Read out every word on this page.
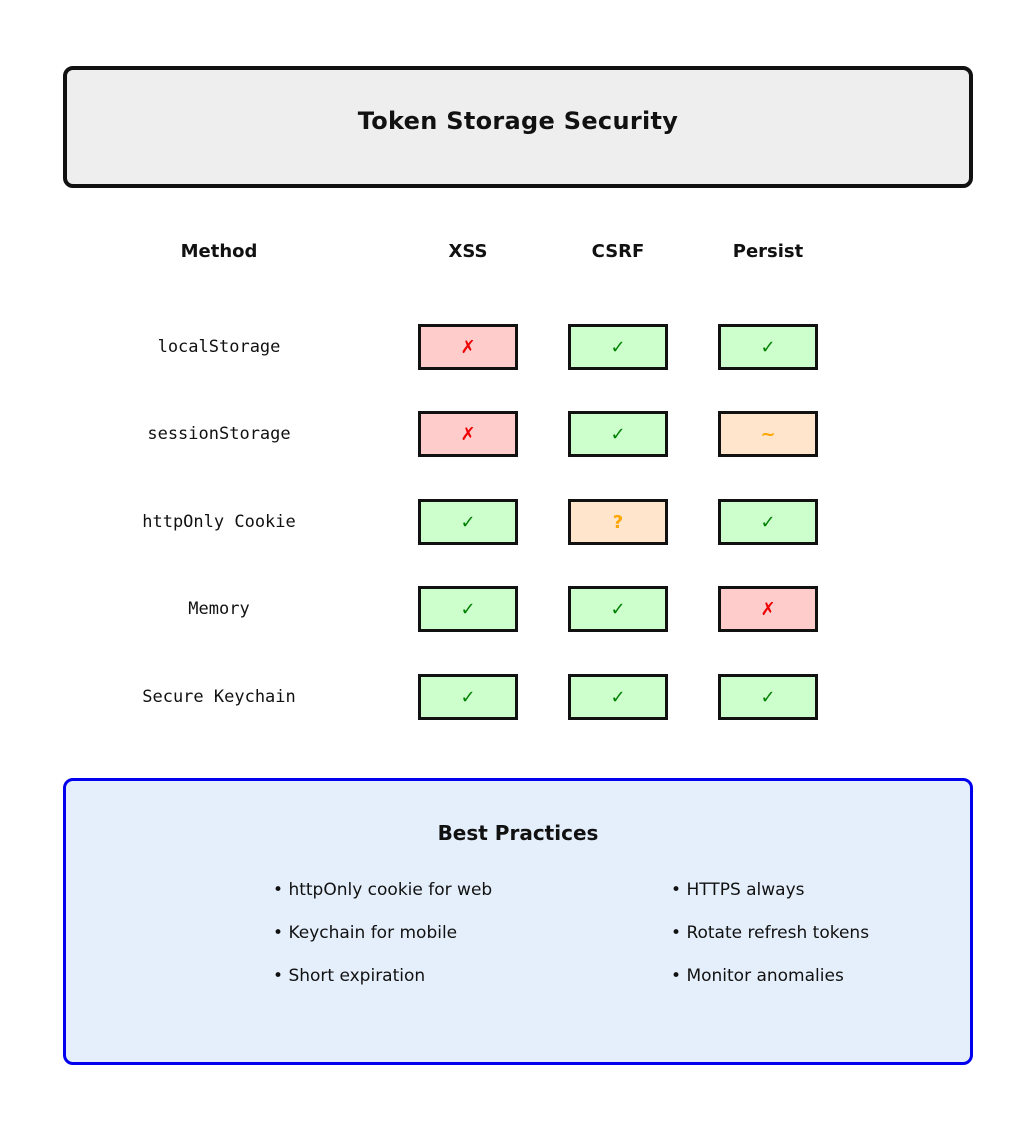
Token Storage Security
Method	XSS	CSRF	Persist
localStorage	✗	✓	✓
sessionStorage	✗	✓	~
httpOnly Cookie	✓	?	✓
Memory	✓	✓	✗
Secure Keychain	✓	✓	✓
Best Practices
• httpOnly cookie for web
• Keychain for mobile
• Short expiration
• HTTPS always
• Rotate refresh tokens
• Monitor anomalies
